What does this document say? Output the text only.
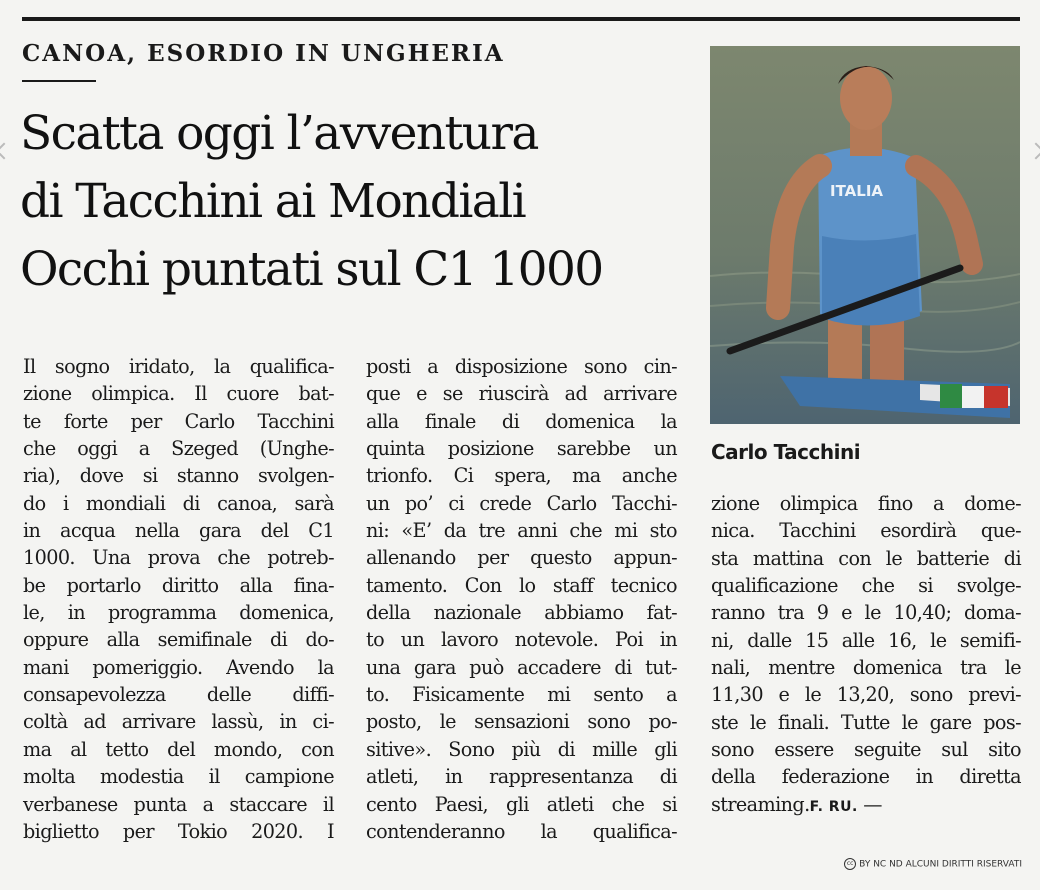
CANOA, ESORDIO IN UNGHERIA
Scatta oggi l’avventura
di Tacchini ai Mondiali
Occhi puntati sul C1 1000
ITALIA
Carlo Tacchini
Il sogno iridato, la qualifica-
zione olimpica. Il cuore bat-
te forte per Carlo Tacchini
che oggi a Szeged (Unghe-
ria), dove si stanno svolgen-
do i mondiali di canoa, sarà
in acqua nella gara del C1
1000. Una prova che potreb-
be portarlo diritto alla fina-
le, in programma domenica,
oppure alla semifinale di do-
mani pomeriggio. Avendo la
consapevolezza delle diffi-
coltà ad arrivare lassù, in ci-
ma al tetto del mondo, con
molta modestia il campione
verbanese punta a staccare il
biglietto per Tokio 2020. I
posti a disposizione sono cin-
que e se riuscirà ad arrivare
alla finale di domenica la
quinta posizione sarebbe un
trionfo. Ci spera, ma anche
un po’ ci crede Carlo Tacchi-
ni: «E’ da tre anni che mi sto
allenando per questo appun-
tamento. Con lo staff tecnico
della nazionale abbiamo fat-
to un lavoro notevole. Poi in
una gara può accadere di tut-
to. Fisicamente mi sento a
posto, le sensazioni sono po-
sitive». Sono più di mille gli
atleti, in rappresentanza di
cento Paesi, gli atleti che si
contenderanno la qualifica-
zione olimpica fino a dome-
nica. Tacchini esordirà que-
sta mattina con le batterie di
qualificazione che si svolge-
ranno tra 9 e le 10,40; doma-
ni, dalle 15 alle 16, le semifi-
nali, mentre domenica tra le
11,30 e le 13,20, sono previ-
ste le finali. Tutte le gare pos-
sono essere seguite sul sito
della federazione in diretta
streaming.F. RU. —
cc BY NC ND ALCUNI DIRITTI RISERVATI
